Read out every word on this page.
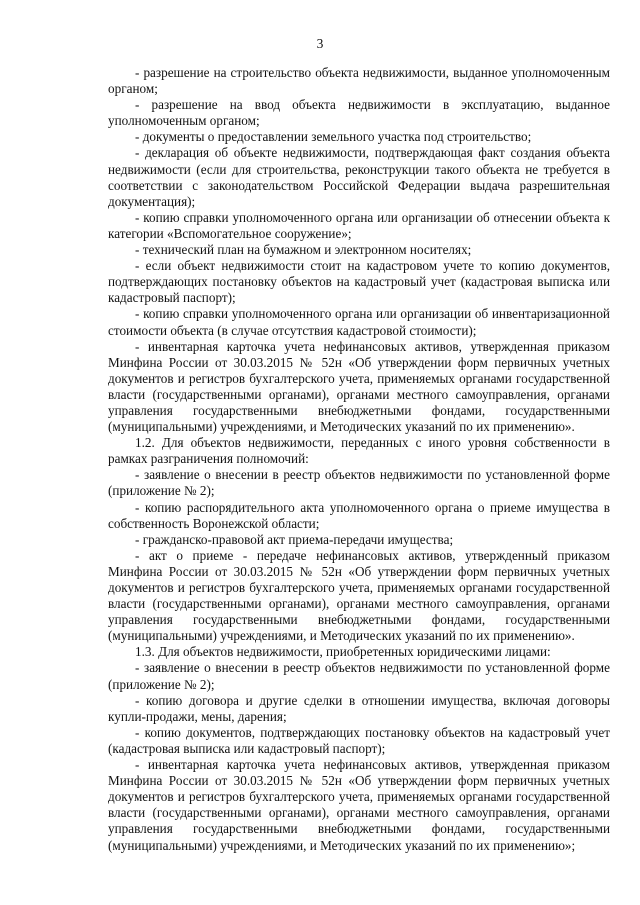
3

- разрешение на строительство объекта недвижимости, выданное уполномоченным органом;

- разрешение на ввод объекта недвижимости в эксплуатацию, выданное уполномоченным органом;

- документы о предоставлении земельного участка под строительство;

- декларация об объекте недвижимости, подтверждающая факт создания объекта недвижимости (если для строительства, реконструкции такого объекта не требуется в соответствии с законодательством Российской Федерации выдача разрешительная документация);

- копию справки уполномоченного органа или организации об отнесении объекта к категории «Вспомогательное сооружение»;

- технический план на бумажном и электронном носителях;

- если объект недвижимости стоит на кадастровом учете то копию документов, подтверждающих постановку объектов на кадастровый учет (кадастровая выписка или кадастровый паспорт);

- копию справки уполномоченного органа или организации об инвентаризационной стоимости объекта (в случае отсутствия кадастровой стоимости);

- инвентарная карточка учета нефинансовых активов, утвержденная приказом Минфина России от 30.03.2015 № 52н «Об утверждении форм первичных учетных документов и регистров бухгалтерского учета, применяемых органами государственной власти (государственными органами), органами местного самоуправления, органами управления государственными внебюджетными фондами, государственными (муниципальными) учреждениями, и Методических указаний по их применению».

1.2. Для объектов недвижимости, переданных с иного уровня собственности в рамках разграничения полномочий:

- заявление о внесении в реестр объектов недвижимости по установленной форме (приложение № 2);

- копию распорядительного акта уполномоченного органа о приеме имущества в собственность Воронежской области;

- гражданско-правовой акт приема-передачи имущества;

- акт о приеме - передаче нефинансовых активов, утвержденный приказом Минфина России от 30.03.2015 № 52н «Об утверждении форм первичных учетных документов и регистров бухгалтерского учета, применяемых органами государственной власти (государственными органами), органами местного самоуправления, органами управления государственными внебюджетными фондами, государственными (муниципальными) учреждениями, и Методических указаний по их применению».

1.3. Для объектов недвижимости, приобретенных юридическими лицами:

- заявление о внесении в реестр объектов недвижимости по установленной форме (приложение № 2);

- копию договора и другие сделки в отношении имущества, включая договоры купли-продажи, мены, дарения;

- копию документов, подтверждающих постановку объектов на кадастровый учет (кадастровая выписка или кадастровый паспорт);

- инвентарная карточка учета нефинансовых активов, утвержденная приказом Минфина России от 30.03.2015 № 52н «Об утверждении форм первичных учетных документов и регистров бухгалтерского учета, применяемых органами государственной власти (государственными органами), органами местного самоуправления, органами управления государственными внебюджетными фондами, государственными (муниципальными) учреждениями, и Методических указаний по их применению»;
